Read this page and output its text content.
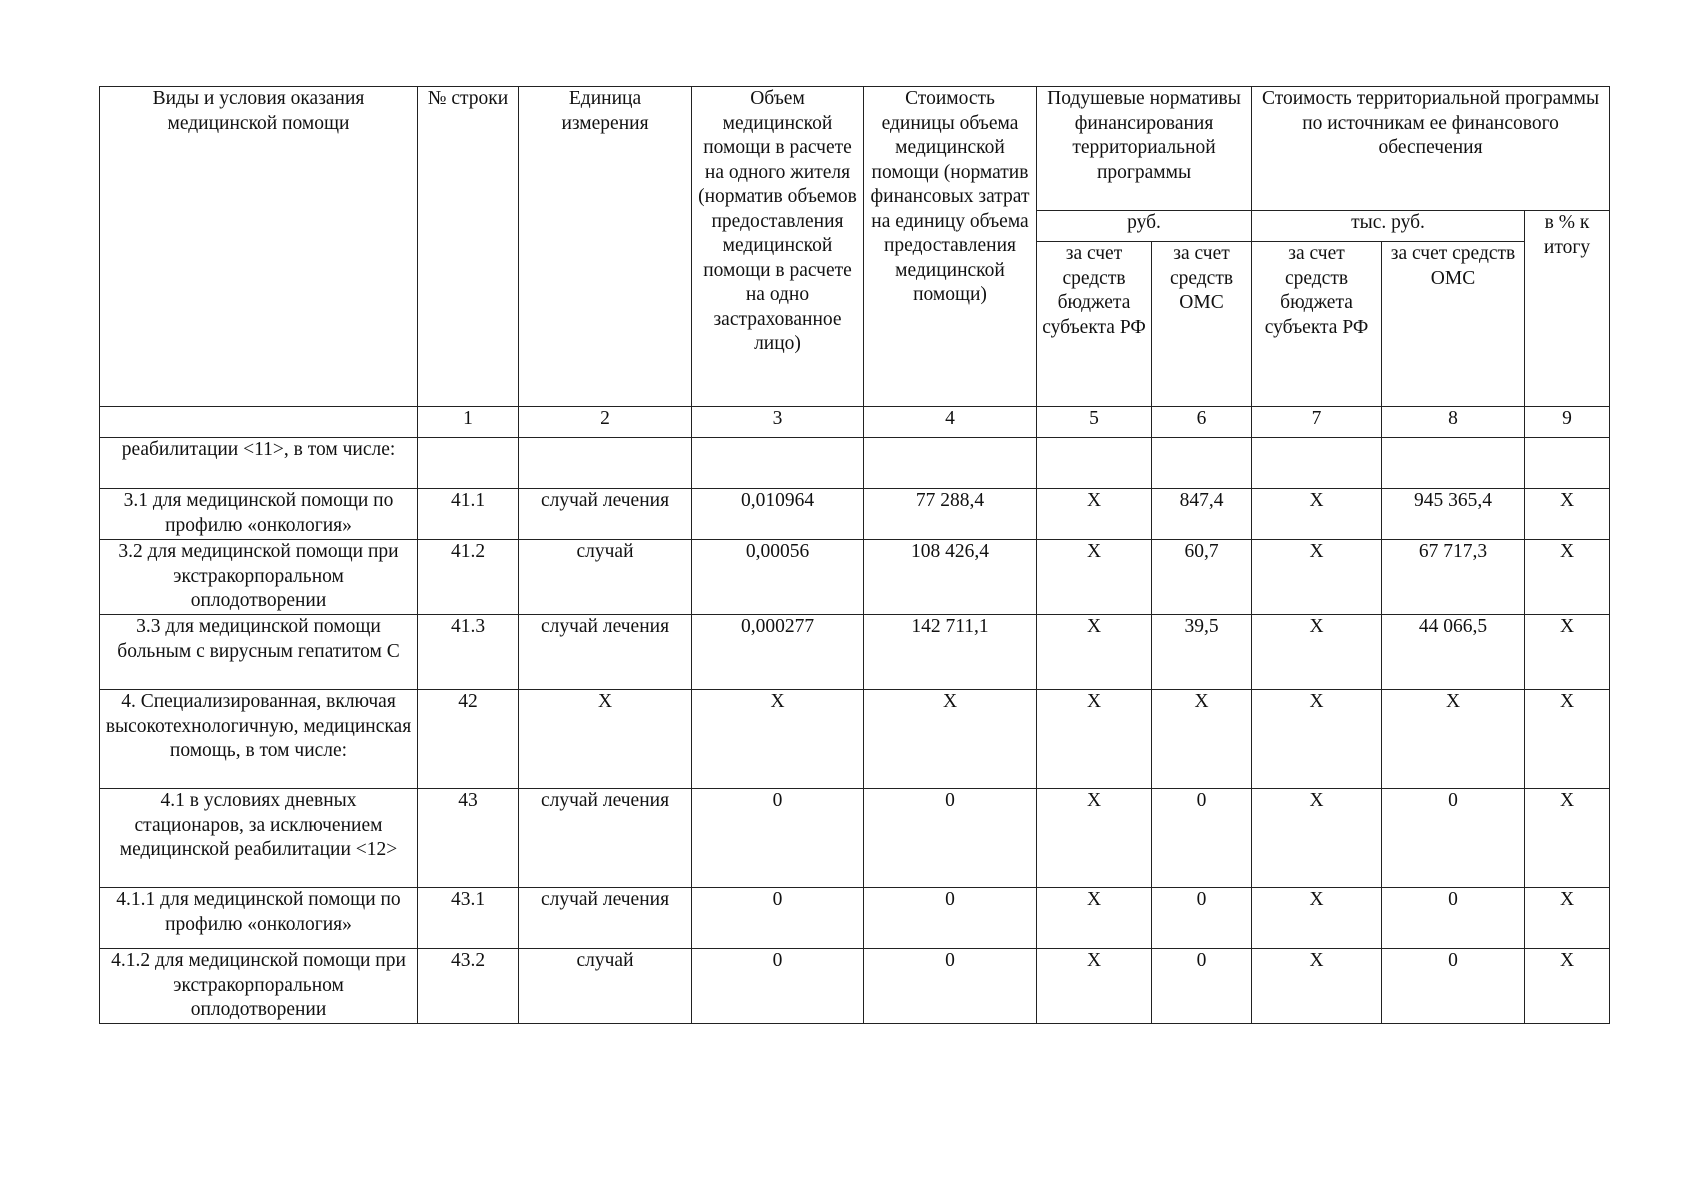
Виды и условия оказания медицинской помощи	№ строки	Единица измерения	Объем медицинской помощи в расчете на одного жителя (норматив объемов предоставления медицинской помощи в расчете на одно застрахованное лицо)	Стоимость единицы объема медицинской помощи (норматив финансовых затрат на единицу объема предоставления медицинской помощи)	Подушевые нормативы финансирования территориальной программы		Стоимость территориальной программы по источникам ее финансового обеспечения		
					руб.		тыс. руб.		в % к итогу
					за счет средств бюджета субъекта РФ	за счет средств ОМС	за счет средств бюджета субъекта РФ	за счет средств ОМС	
	1	2	3	4	5	6	7	8	9
реабилитации <11>, в том числе:									
3.1 для медицинской помощи по профилю «онкология»	41.1	случай лечения	0,010964	77 288,4	Х	847,4	Х	945 365,4	Х
3.2 для медицинской помощи при экстракорпоральном оплодотворении	41.2	случай	0,00056	108 426,4	Х	60,7	Х	67 717,3	Х
3.3 для медицинской помощи больным с вирусным гепатитом С	41.3	случай лечения	0,000277	142 711,1	Х	39,5	Х	44 066,5	Х
4. Специализированная, включая высокотехнологичную, медицинская помощь, в том числе:	42	Х	Х	Х	Х	Х	Х	Х	Х
4.1 в условиях дневных стационаров, за исключением медицинской реабилитации <12>	43	случай лечения	0	0	Х	0	Х	0	Х
4.1.1 для медицинской помощи по профилю «онкология»	43.1	случай лечения	0	0	Х	0	Х	0	Х
4.1.2 для медицинской помощи при экстракорпоральном оплодотворении	43.2	случай	0	0	Х	0	Х	0	Х
